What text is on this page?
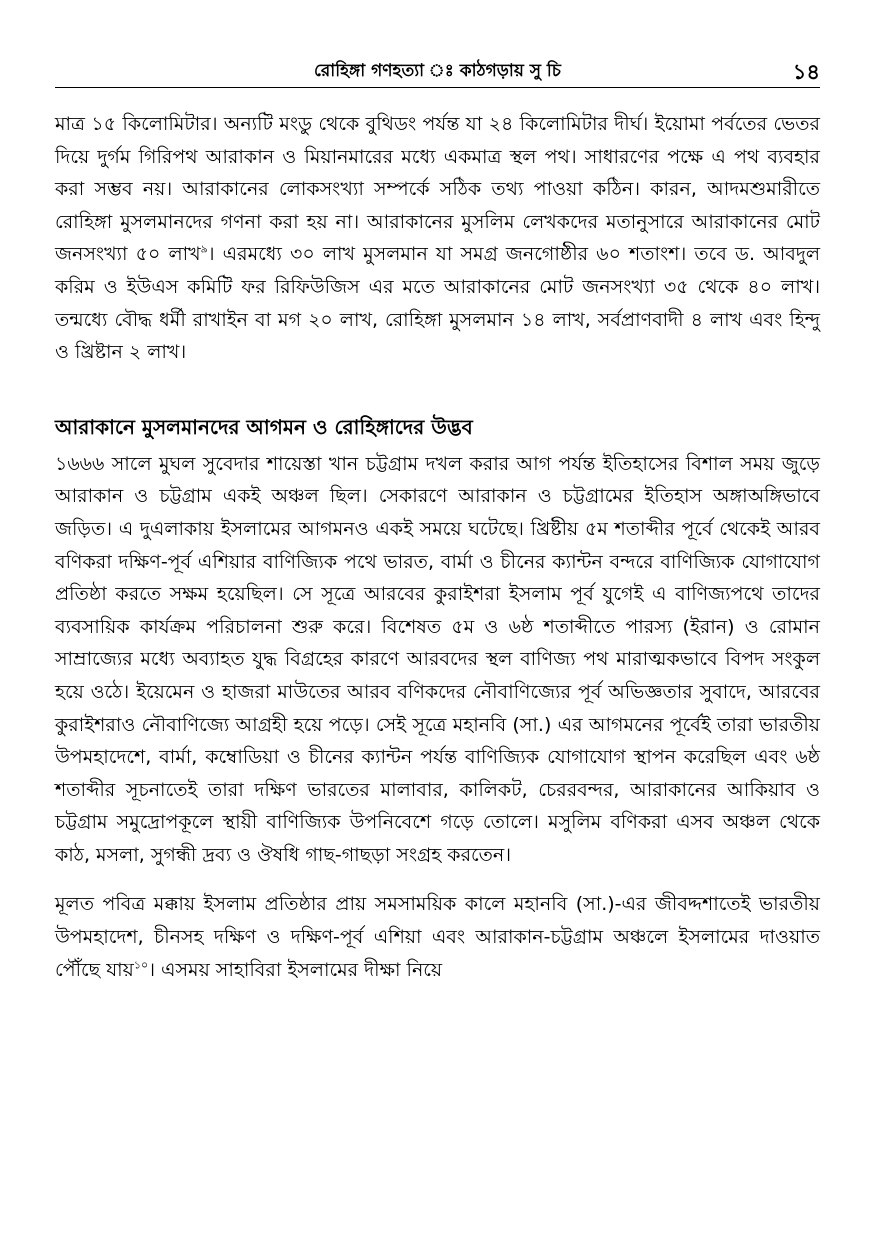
রোহিঙ্গা গণহত্যা ঃ কাঠগড়ায় সু চি	১৪

মাত্র ১৫ কিলোমিটার। অন্যটি মংডু থেকে বুথিডং পর্যন্ত যা ২৪ কিলোমিটার দীর্ঘ। ইয়োমা পর্বতের ভেতর দিয়ে দুর্গম গিরিপথ আরাকান ও মিয়ানমারের মধ্যে একমাত্র স্থল পথ। সাধারণের পক্ষে এ পথ ব্যবহার করা সম্ভব নয়। আরাকানের লোকসংখ্যা সম্পর্কে সঠিক তথ্য পাওয়া কঠিন। কারন, আদমশুমারীতে রোহিঙ্গা মুসলমানদের গণনা করা হয় না। আরাকানের মুসলিম লেখকদের মতানুসারে আরাকানের মোট জনসংখ্যা ৫০ লাখ$^৯$। এরমধ্যে ৩০ লাখ মুসলমান যা সমগ্র জনগোষ্ঠীর ৬০ শতাংশ। তবে ড. আবদুল করিম ও ইউএস কমিটি ফর রিফিউজিস এর মতে আরাকানের মোট জনসংখ্যা ৩৫ থেকে ৪০ লাখ। তন্মধ্যে বৌদ্ধ ধর্মী রাখাইন বা মগ ২০ লাখ, রোহিঙ্গা মুসলমান ১৪ লাখ, সর্বপ্রাণবাদী ৪ লাখ এবং হিন্দু ও খ্রিষ্টান ২ লাখ।

আরাকানে মুসলমানদের আগমন ও রোহিঙ্গাদের উদ্ভব

১৬৬৬ সালে মুঘল সুবেদার শায়েস্তা খান চট্টগ্রাম দখল করার আগ পর্যন্ত ইতিহাসের বিশাল সময় জুড়ে আরাকান ও চট্টগ্রাম একই অঞ্চল ছিল। সেকারণে আরাকান ও চট্টগ্রামের ইতিহাস অঙ্গাঅঙ্গিভাবে জড়িত। এ দুএলাকায় ইসলামের আগমনও একই সময়ে ঘটেছে। খ্রিষ্টীয় ৫ম শতাব্দীর পূর্বে থেকেই আরব বণিকরা দক্ষিণ-পূর্ব এশিয়ার বাণিজ্যিক পথে ভারত, বার্মা ও চীনের ক্যান্টন বন্দরে বাণিজ্যিক যোগাযোগ প্রতিষ্ঠা করতে সক্ষম হয়েছিল। সে সূত্রে আরবের কুরাইশরা ইসলাম পূর্ব যুগেই এ বাণিজ্যপথে তাদের ব্যবসায়িক কার্যক্রম পরিচালনা শুরু করে। বিশেষত ৫ম ও ৬ষ্ঠ শতাব্দীতে পারস্য (ইরান) ও রোমান সাম্রাজ্যের মধ্যে অব্যাহত যুদ্ধ বিগ্রহের কারণে আরবদের স্থল বাণিজ্য পথ মারাত্মকভাবে বিপদ সংকুল হয়ে ওঠে। ইয়েমেন ও হাজরা মাউতের আরব বণিকদের নৌবাণিজ্যের পূর্ব অভিজ্ঞতার সুবাদে, আরবের কুরাইশরাও নৌবাণিজ্যে আগ্রহী হয়ে পড়ে। সেই সূত্রে মহানবি (সা.) এর আগমনের পূর্বেই তারা ভারতীয় উপমহাদেশে, বার্মা, কম্বোডিয়া ও চীনের ক্যান্টন পর্যন্ত বাণিজ্যিক যোগাযোগ স্থাপন করেছিল এবং ৬ষ্ঠ শতাব্দীর সূচনাতেই তারা দক্ষিণ ভারতের মালাবার, কালিকট, চেররবন্দর, আরাকানের আকিয়াব ও চট্টগ্রাম সমুদ্রোপকূলে স্থায়ী বাণিজ্যিক উপনিবেশে গড়ে তোলে। মসুলিম বণিকরা এসব অঞ্চল থেকে কাঠ, মসলা, সুগন্ধী দ্রব্য ও ঔষধি গাছ-গাছড়া সংগ্রহ করতেন।

মূলত পবিত্র মক্কায় ইসলাম প্রতিষ্ঠার প্রায় সমসাময়িক কালে মহানবি (সা.)-এর জীবদ্দশাতেই ভারতীয় উপমহাদেশ, চীনসহ দক্ষিণ ও দক্ষিণ-পূর্ব এশিয়া এবং আরাকান-চট্টগ্রাম অঞ্চলে ইসলামের দাওয়াত পৌঁছে যায়$^{১০}$। এসময় সাহাবিরা ইসলামের দীক্ষা নিয়ে
